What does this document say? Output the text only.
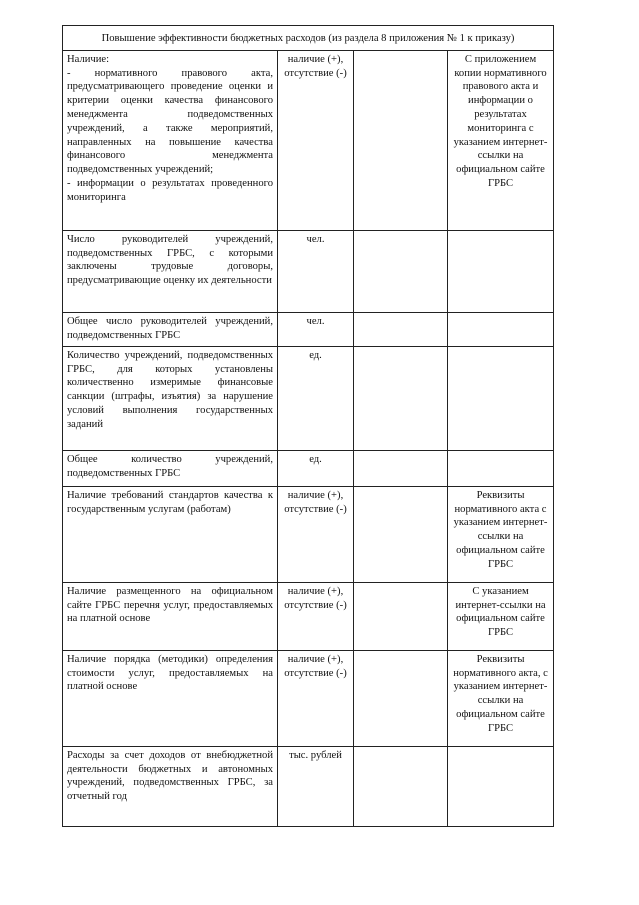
Повышение эффективности бюджетных расходов (из раздела 8 приложения № 1 к приказу)			

Наличие:
- нормативного правового акта, предусматривающего проведение оценки и критерии оценки качества финансового менеджмента подведомственных учреждений, а также мероприятий, направленных на повышение качества финансового менеджмента подведомственных учреждений;
- информации о результатах проведенного мониторинга	наличие (+), отсутствие (-)		С приложением копии нормативного правового акта и информации о результатах мониторинга с указанием интернет-ссылки на официальном сайте ГРБС

Число руководителей учреждений, подведомственных ГРБС, с которыми заключены трудовые договоры, предусматривающие оценку их деятельности	чел.		

Общее число руководителей учреждений, подведомственных ГРБС	чел.		

Количество учреждений, подведомственных ГРБС, для которых установлены количественно измеримые финансовые санкции (штрафы, изъятия) за нарушение условий выполнения государственных заданий	ед.		

Общее количество учреждений, подведомственных ГРБС	ед.		

Наличие требований стандартов качества к государственным услугам (работам)	наличие (+), отсутствие (-)		Реквизиты нормативного акта с указанием интернет-ссылки на официальном сайте ГРБС

Наличие размещенного на официальном сайте ГРБС перечня услуг, предоставляемых на платной основе	наличие (+), отсутствие (-)		С указанием интернет-ссылки на официальном сайте ГРБС

Наличие порядка (методики) определения стоимости услуг, предоставляемых на платной основе	наличие (+), отсутствие (-)		Реквизиты нормативного акта, с указанием интернет-ссылки на официальном сайте ГРБС

Расходы за счет доходов от внебюджетной деятельности бюджетных и автономных учреждений, подведомственных ГРБС, за отчетный год	тыс. рублей		
